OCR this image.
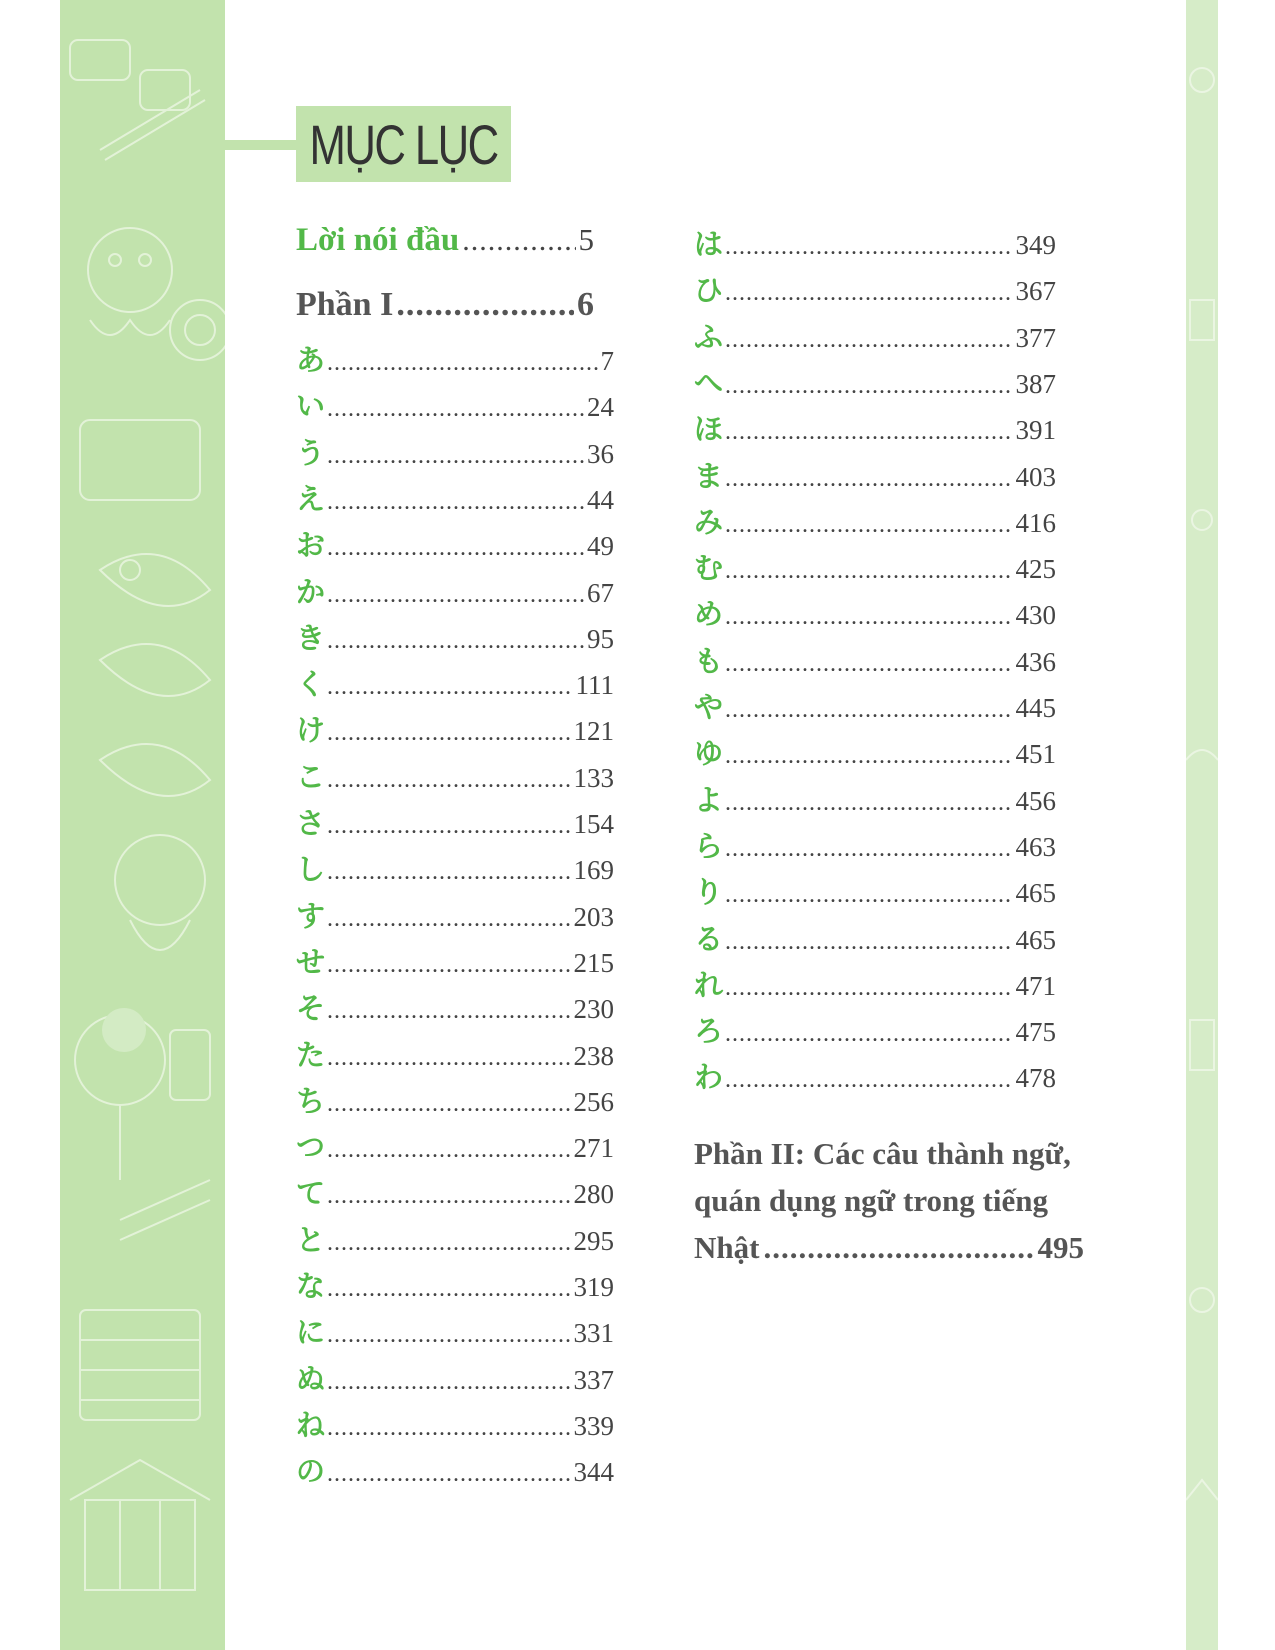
MỤC LỤC
Lời nói đầu .....	5
Phần I .....	6
Phần II: Các câu thành ngữ,
quán dụng ngữ trong tiếng
Nhật .....	495
あ .....	7
い .....	24
う .....	36
え .....	44
お .....	49
か .....	67
き .....	95
く .....	111
け .....	121
こ .....	133
さ .....	154
し .....	169
す .....	203
せ .....	215
そ .....	230
た .....	238
ち .....	256
つ .....	271
て .....	280
と .....	295
な .....	319
に .....	331
ぬ .....	337
ね .....	339
の .....	344
は .....	349
ひ .....	367
ふ .....	377
へ .....	387
ほ .....	391
ま .....	403
み .....	416
む .....	425
め .....	430
も .....	436
や .....	445
ゆ .....	451
よ .....	456
ら .....	463
り .....	465
る .....	465
れ .....	471
ろ .....	475
わ .....	478
